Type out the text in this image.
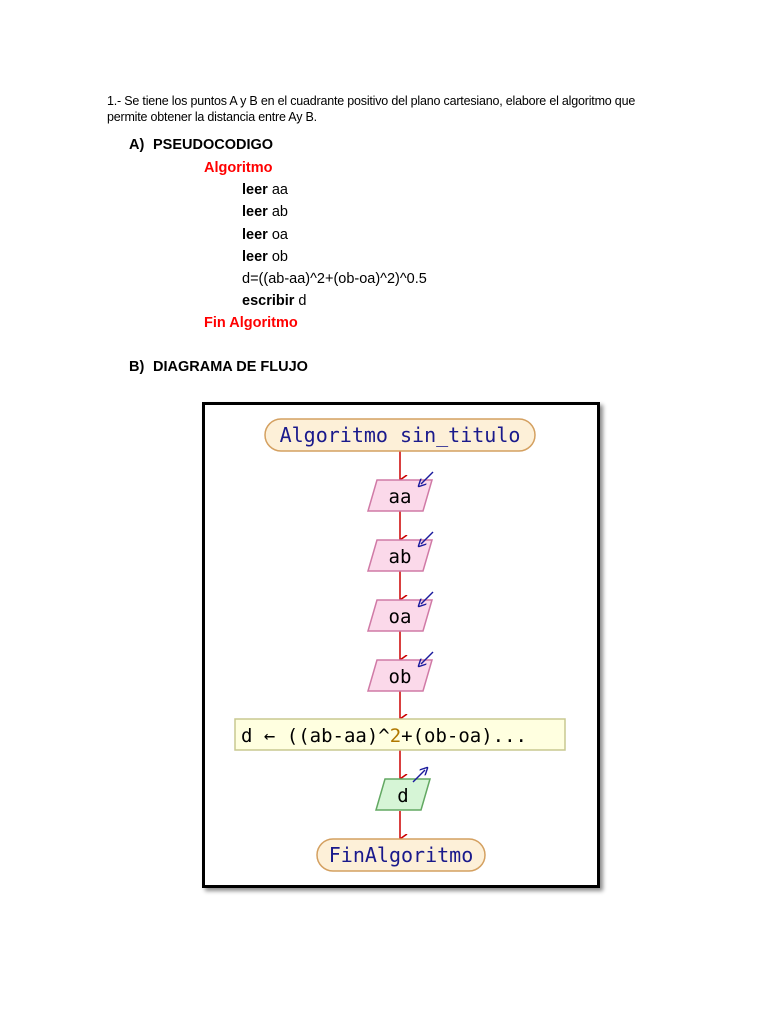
1.- Se tiene los puntos A y B en el cuadrante positivo del plano cartesiano, elabore el algoritmo que
permite obtener la distancia entre Ay B.
A) PSEUDOCODIGO
Algoritmo
leer aa
leer ab
leer oa
leer ob
d=((ab-aa)^2+(ob-oa)^2)^0.5
escribir d
Fin Algoritmo
B) DIAGRAMA DE FLUJO
Algoritmo sin_titulo
aa
ab
oa
ob
d ← ((ab-aa)^2+(ob-oa)...
d
FinAlgoritmo
